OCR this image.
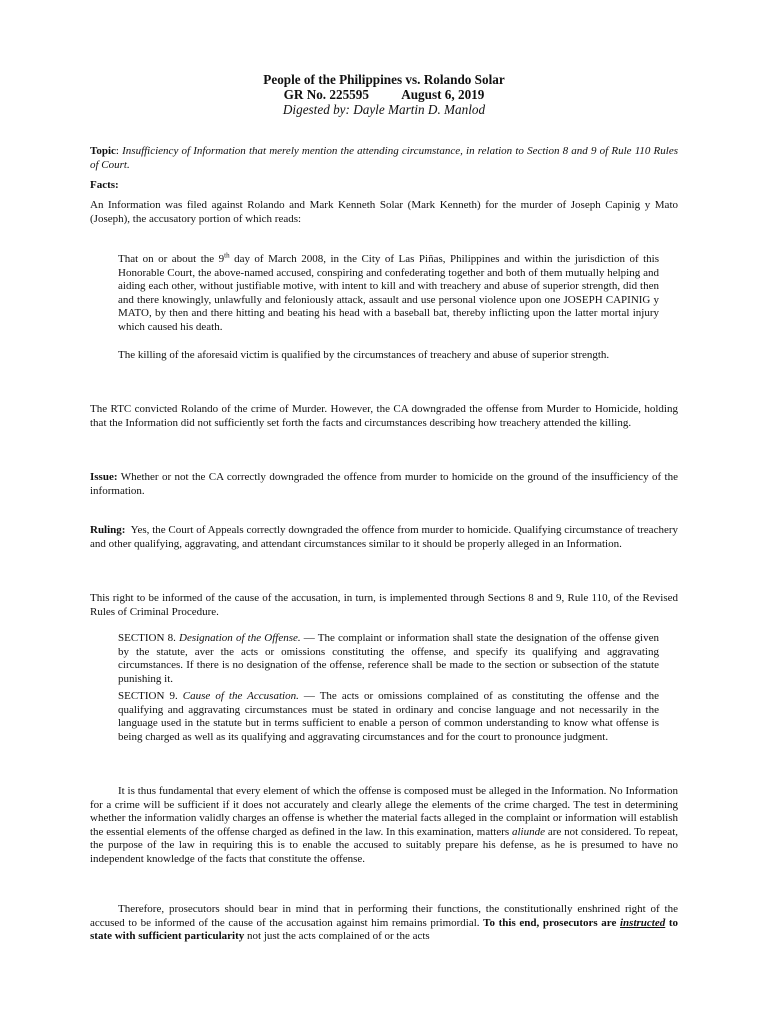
People of the Philippines vs. Rolando Solar

GR No. 225595          August 6, 2019

Digested by: Dayle Martin D. Manlod

Topic: Insufficiency of Information that merely mention the attending circumstance, in relation to Section 8 and 9 of Rule 110 Rules of Court.

Facts:

An Information was filed against Rolando and Mark Kenneth Solar (Mark Kenneth) for the murder of Joseph Capinig y Mato (Joseph), the accusatory portion of which reads:

That on or about the 9th day of March 2008, in the City of Las Piñas, Philippines and within the jurisdiction of this Honorable Court, the above-named accused, conspiring and confederating together and both of them mutually helping and aiding each other, without justifiable motive, with intent to kill and with treachery and abuse of superior strength, did then and there knowingly, unlawfully and feloniously attack, assault and use personal violence upon one JOSEPH CAPINIG y MATO, by then and there hitting and beating his head with a baseball bat, thereby inflicting upon the latter mortal injury which caused his death.

The killing of the aforesaid victim is qualified by the circumstances of treachery and abuse of superior strength.

The RTC convicted Rolando of the crime of Murder. However, the CA downgraded the offense from Murder to Homicide, holding that the Information did not sufficiently set forth the facts and circumstances describing how treachery attended the killing.

Issue: Whether or not the CA correctly downgraded the offence from murder to homicide on the ground of the insufficiency of the information.

Ruling:  Yes, the Court of Appeals correctly downgraded the offence from murder to homicide. Qualifying circumstance of treachery  and other qualifying, aggravating, and attendant circumstances similar to it should be properly alleged in an Information.

This right to be informed of the cause of the accusation, in turn, is implemented through Sections 8 and 9, Rule 110, of the Revised Rules of Criminal Procedure.

SECTION 8. Designation of the Offense. — The complaint or information shall state the designation of the offense given by the statute, aver the acts or omissions constituting the offense, and specify its qualifying and aggravating circumstances. If there is no designation of the offense, reference shall be made to the section or subsection of the statute punishing it.

SECTION 9. Cause of the Accusation. — The acts or omissions complained of as constituting the offense and the qualifying and aggravating circumstances must be stated in ordinary and concise language and not necessarily in the language used in the statute but in terms sufficient to enable a person of common understanding to know what offense is being charged as well as its qualifying and aggravating circumstances and for the court to pronounce judgment.

It is thus fundamental that every element of which the offense is composed must be alleged in the Information. No Information for a crime will be sufficient if it does not accurately and clearly allege the elements of the crime charged. The test in determining whether the information validly charges an offense is whether the material facts alleged in the complaint or information will establish the essential elements of the offense charged as defined in the law. In this examination, matters aliunde are not considered. To repeat, the purpose of the law in requiring this is to enable the accused to suitably prepare his defense, as he is presumed to have no independent knowledge of the facts that constitute the offense.

Therefore, prosecutors should bear in mind that in performing their functions, the constitutionally enshrined right of the accused to be informed of the cause of the accusation against him remains primordial. To this end, prosecutors are instructed to state with sufficient particularity not just the acts complained of or the acts
